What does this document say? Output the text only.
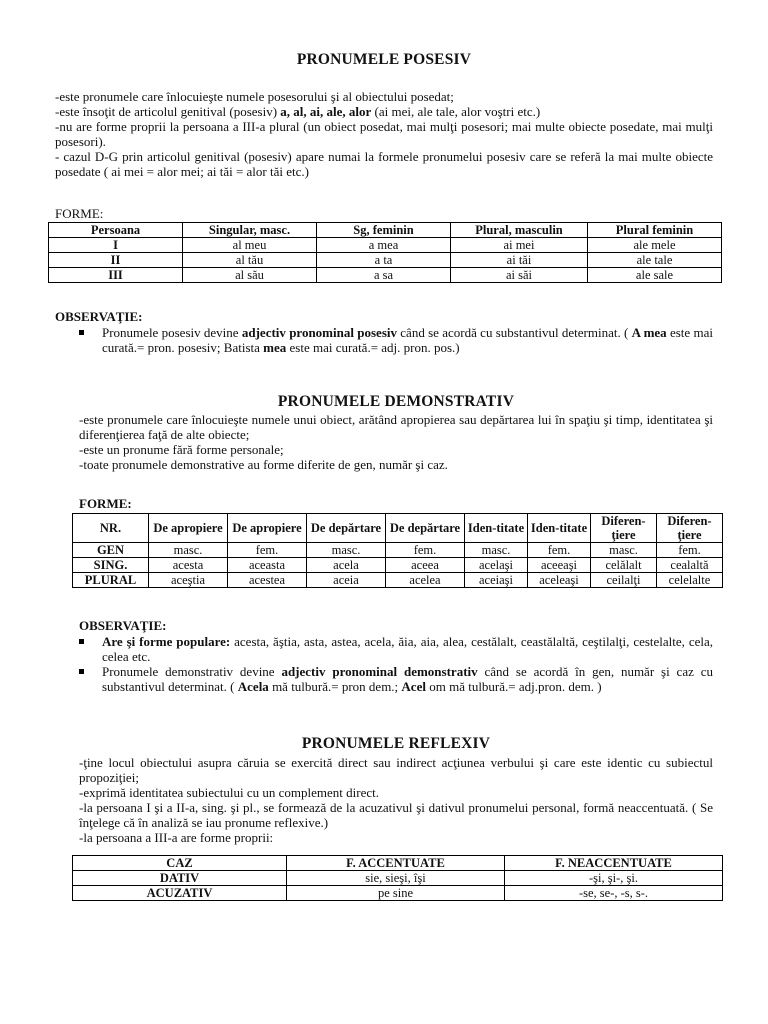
PRONUMELE POSESIV

-este pronumele care înlocuieşte numele posesorului şi al obiectului posedat;

-este însoţit de articolul genitival (posesiv) a, al, ai, ale, alor (ai mei, ale tale, alor voştri etc.)

-nu are forme proprii la persoana a III-a plural (un obiect posedat, mai mulţi posesori; mai multe obiecte posedate, mai mulţi posesori).

- cazul D-G prin articolul genitival (posesiv) apare numai la formele pronumelui posesiv care se referă la mai multe obiecte posedate ( ai mei = alor mei; ai tăi = alor tăi etc.)

FORME:

Persoana	Singular, masc.	Sg, feminin	Plural, masculin	Plural feminin
I	al meu	a mea	ai mei	ale mele
II	al tău	a ta	ai tăi	ale tale
III	al său	a sa	ai săi	ale sale

OBSERVAŢIE:

Pronumele posesiv devine adjectiv pronominal posesiv când se acordă cu substantivul determinat. ( A mea este mai curată.= pron. posesiv; Batista mea este mai curată.= adj. pron. pos.)
PRONUMELE DEMONSTRATIV

-este pronumele care înlocuieşte numele unui obiect, arătând apropierea sau depărtarea lui în spaţiu şi timp, identitatea şi diferenţierea faţă de alte obiecte;

-este un pronume fără forme personale;

-toate pronumele demonstrative au forme diferite de gen, număr şi caz.

FORME:

NR.	De apropiere	De apropiere	De depărtare	De depărtare	Iden-titate	Iden-titate	Diferen-ţiere	Diferen-ţiere
GEN	masc.	fem.	masc.	fem.	masc.	fem.	masc.	fem.
SING.	acesta	aceasta	acela	aceea	acelaşi	aceeaşi	celălalt	cealaltă
PLURAL	aceştia	acestea	aceia	acelea	aceiaşi	aceleaşi	ceilalţi	celelalte

OBSERVAŢIE:

Are şi forme populare: acesta, ăştia, asta, astea, acela, ăia, aia, alea, cestălalt, ceastălaltă, ceştilalţi, cestelalte, cela, celea etc.
Pronumele demonstrativ devine adjectiv pronominal demonstrativ când se acordă în gen, număr şi caz cu substantivul determinat. ( Acela mă tulbură.= pron dem.; Acel om mă tulbură.= adj.pron. dem. )
PRONUMELE REFLEXIV

-ţine locul obiectului asupra căruia se exercită direct sau indirect acţiunea verbului şi care este identic cu subiectul propoziţiei;

-exprimă identitatea subiectului cu un complement direct.

-la persoana I şi a II-a, sing. şi pl., se formează de la acuzativul şi dativul pronumelui personal, formă neaccentuată. ( Se înţelege că în analiză se iau pronume reflexive.)

-la persoana a III-a are forme proprii:

CAZ	F. ACCENTUATE	F. NEACCENTUATE
DATIV	sie, sieşi, îşi	-şi, şi-, şi.
ACUZATIV	pe sine	-se, se-, -s, s-.
